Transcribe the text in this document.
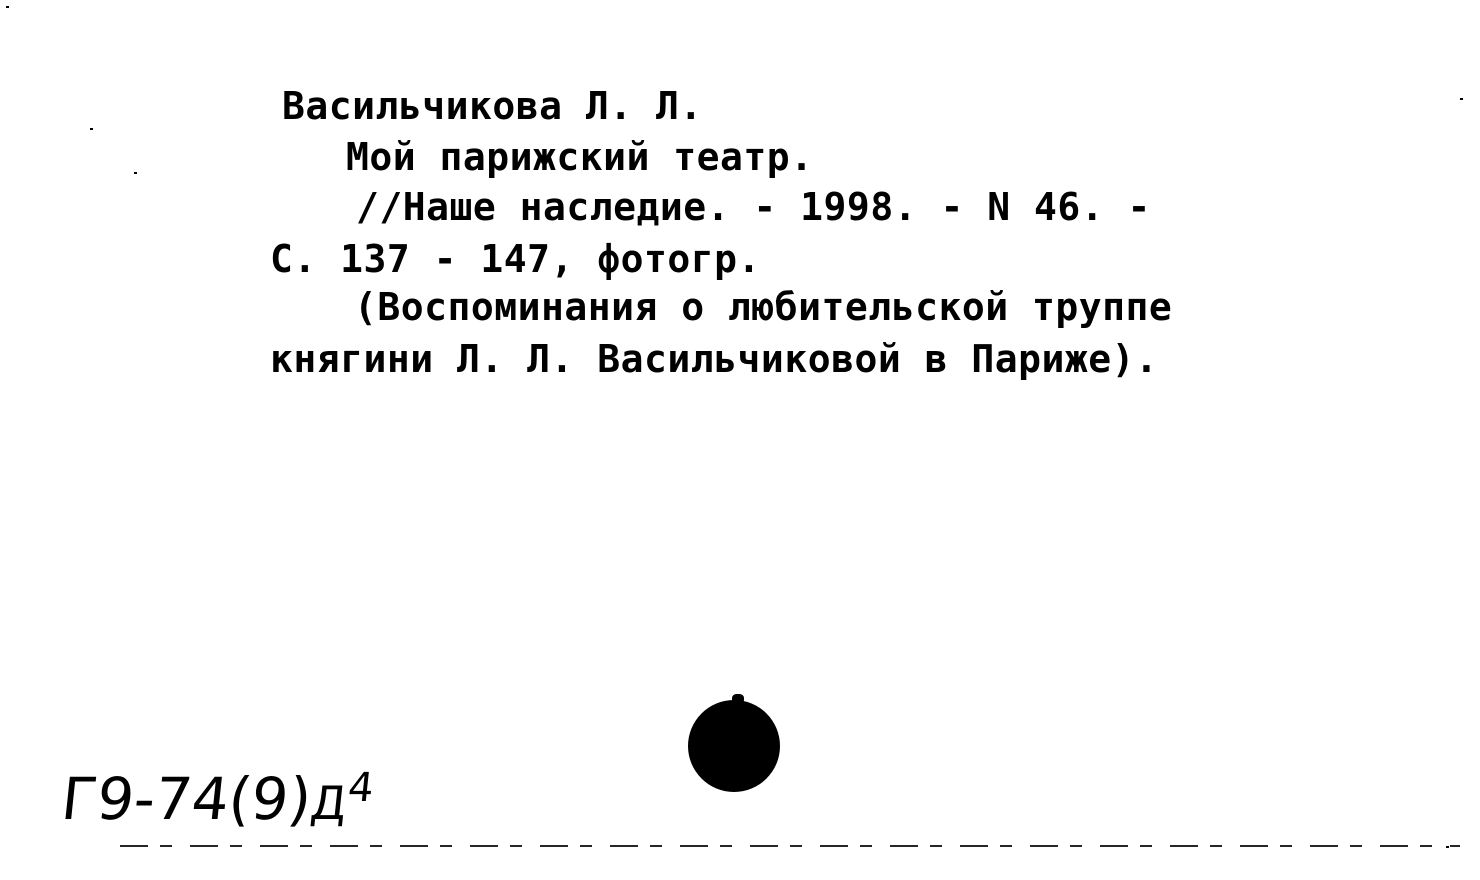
Васильчикова Л. Л.
Мой парижский театр.
//Наше наследие. - 1998. - N 46. -
С. 137 - 147, фотогр.
(Воспоминания о любительской труппе
княгини Л. Л. Васильчиковой в Париже).
$Г9-74(9)Д^4$
